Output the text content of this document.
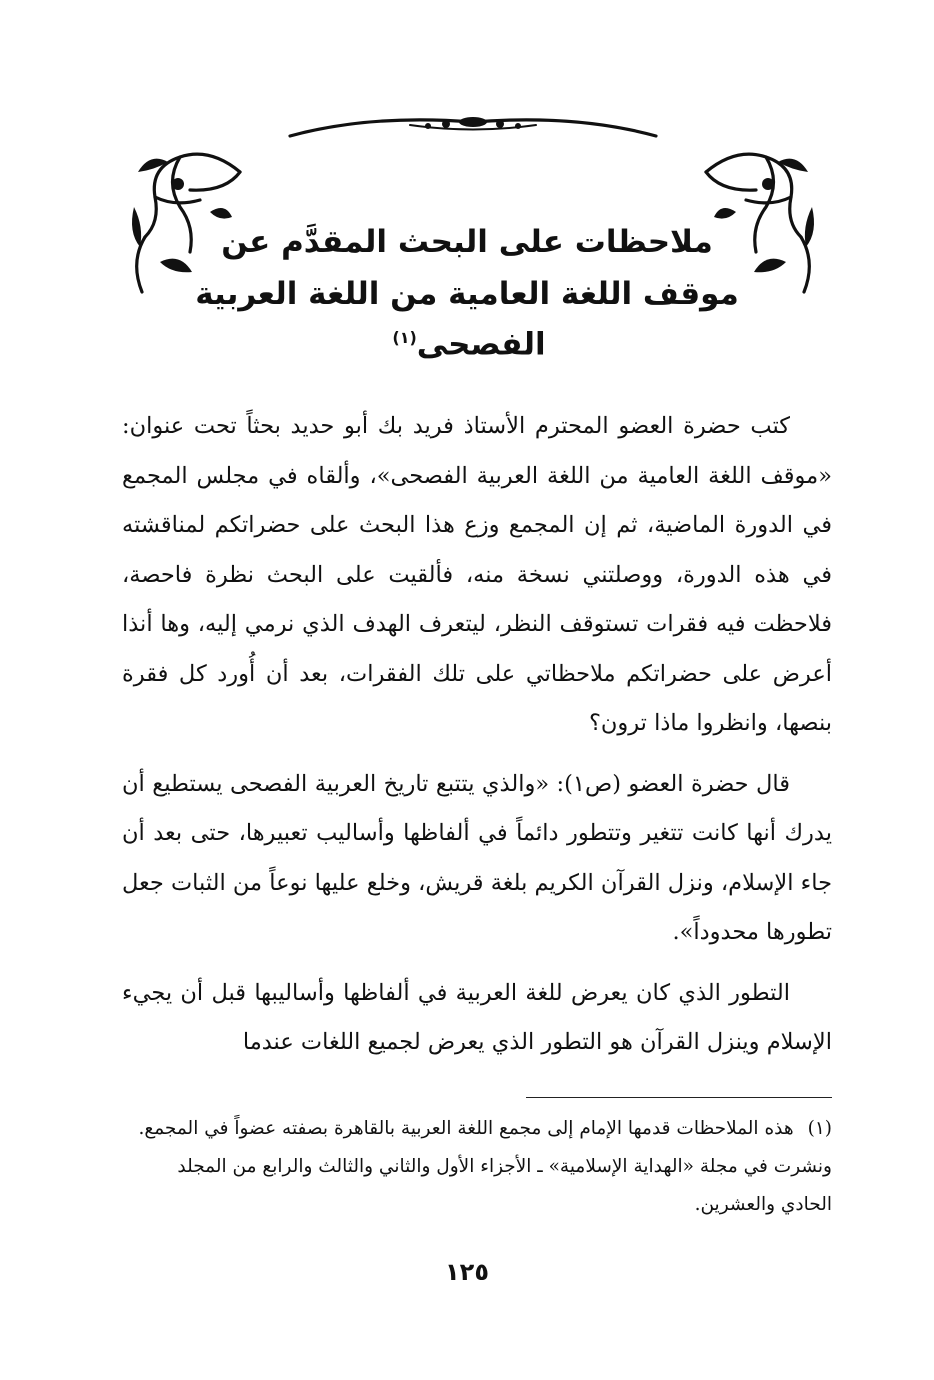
ملاحظات على البحث المقدَّم عن
موقف اللغة العامية من اللغة العربية الفصحى$^{(١)}$

كتب حضرة العضو المحترم الأستاذ فريد بك أبو حديد بحثاً تحت عنوان: «موقف اللغة العامية من اللغة العربية الفصحى»، وألقاه في مجلس المجمع في الدورة الماضية، ثم إن المجمع وزع هذا البحث على حضراتكم لمناقشته في هذه الدورة، ووصلتني نسخة منه، فألقيت على البحث نظرة فاحصة، فلاحظت فيه فقرات تستوقف النظر، ليتعرف الهدف الذي نرمي إليه، وها أنذا أعرض على حضراتكم ملاحظاتي على تلك الفقرات، بعد أن أُورد كل فقرة بنصها، وانظروا ماذا ترون؟

قال حضرة العضو (ص١): «والذي يتتبع تاريخ العربية الفصحى يستطيع أن يدرك أنها كانت تتغير وتتطور دائماً في ألفاظها وأساليب تعبيرها، حتى بعد أن جاء الإسلام، ونزل القرآن الكريم بلغة قريش، وخلع عليها نوعاً من الثبات جعل تطورها محدوداً».

التطور الذي كان يعرض للغة العربية في ألفاظها وأساليبها قبل أن يجيء الإسلام وينزل القرآن هو التطور الذي يعرض لجميع اللغات عندما

(١)هذه الملاحظات قدمها الإمام إلى مجمع اللغة العربية بالقاهرة بصفته عضواً في المجمع. ونشرت في مجلة «الهداية الإسلامية» ـ الأجزاء الأول والثاني والثالث والرابع من المجلد الحادي والعشرين.
١٢٥
